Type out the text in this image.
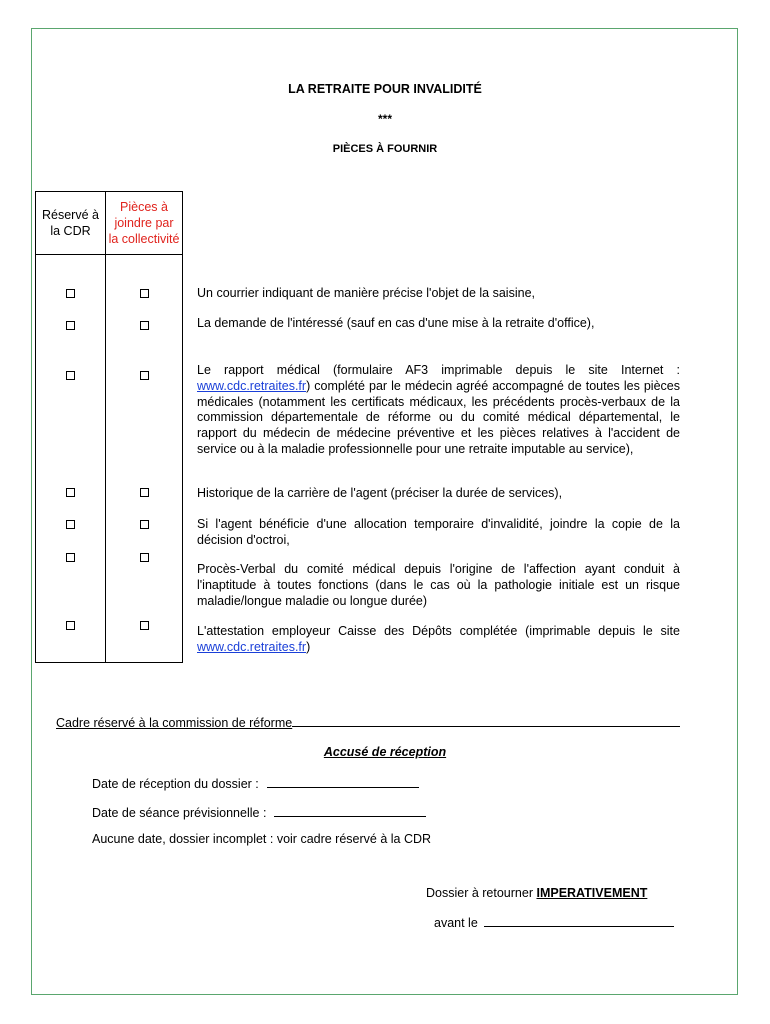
LA RETRAITE POUR INVALIDITÉ
***
PIÈCES À FOURNIR
Réservé à la CDR
Pièces à joindre par la collectivité
Un courrier indiquant de manière précise l'objet de la saisine,
La demande de l'intéressé (sauf en cas d'une mise à la retraite d'office),
Le rapport médical (formulaire AF3 imprimable depuis le site Internet : www.cdc.retraites.fr) complété par le médecin agréé accompagné de toutes les pièces médicales (notamment les certificats médicaux, les précédents procès-verbaux de la commission départementale de réforme ou du comité médical départemental, le rapport du médecin de médecine préventive et les pièces relatives à l'accident de service ou à la maladie professionnelle pour une retraite imputable au service),
Historique de la carrière de l'agent (préciser la durée de services),
Si l'agent bénéficie d'une allocation temporaire d'invalidité, joindre la copie de la décision d'octroi,
Procès-Verbal du comité médical depuis l'origine de l'affection ayant conduit à l'inaptitude à toutes fonctions (dans le cas où la pathologie initiale est un risque maladie/longue maladie ou longue durée)
L'attestation employeur Caisse des Dépôts complétée (imprimable depuis le site www.cdc.retraites.fr)
Cadre réservé à la commission de réforme
Accusé de réception
Date de réception du dossier :
Date de séance prévisionnelle :
Aucune date, dossier incomplet : voir cadre réservé à la CDR
Dossier à retourner IMPERATIVEMENT
avant le
